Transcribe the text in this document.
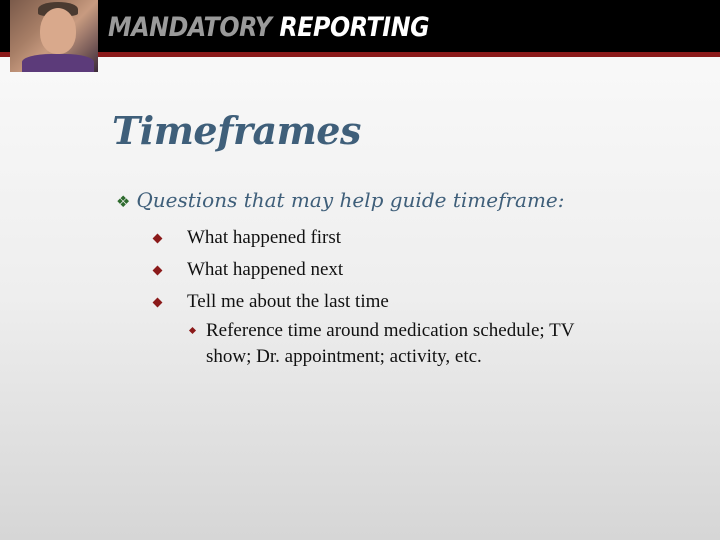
MANDATORY REPORTING
Timeframes
❖ Questions that may help guide timeframe:
What happened first
What happened next
Tell me about the last time
Reference time around medication schedule; TV show; Dr. appointment; activity, etc.
